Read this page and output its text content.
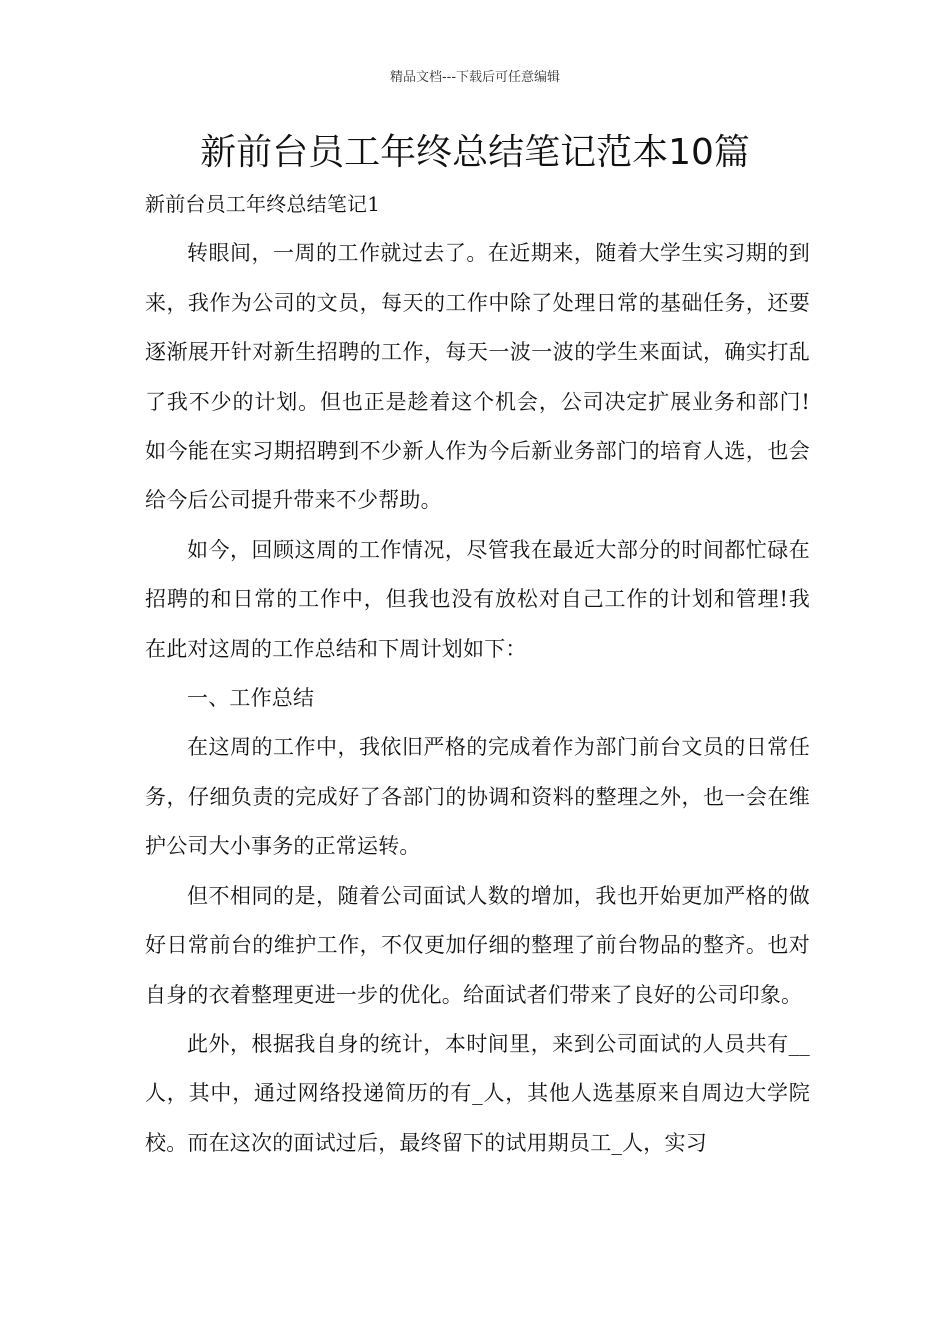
精品文档---下载后可任意编辑
新前台员工年终总结笔记范本10篇

新前台员工年终总结笔记1

转眼间，一周的工作就过去了。在近期来，随着大学生实习期的到来，我作为公司的文员，每天的工作中除了处理日常的基础任务，还要逐渐展开针对新生招聘的工作，每天一波一波的学生来面试，确实打乱了我不少的计划。但也正是趁着这个机会，公司决定扩展业务和部门!如今能在实习期招聘到不少新人作为今后新业务部门的培育人选，也会给今后公司提升带来不少帮助。

如今，回顾这周的工作情况，尽管我在最近大部分的时间都忙碌在招聘的和日常的工作中，但我也没有放松对自己工作的计划和管理!我在此对这周的工作总结和下周计划如下：

一、工作总结

在这周的工作中，我依旧严格的完成着作为部门前台文员的日常任务，仔细负责的完成好了各部门的协调和资料的整理之外，也一会在维护公司大小事务的正常运转。

但不相同的是，随着公司面试人数的增加，我也开始更加严格的做好日常前台的维护工作，不仅更加仔细的整理了前台物品的整齐。也对自身的衣着整理更进一步的优化。给面试者们带来了良好的公司印象。

此外，根据我自身的统计，本时间里，来到公司面试的人员共有__人，其中，通过网络投递简历的有_人，其他人选基原来自周边大学院校。而在这次的面试过后，最终留下的试用期员工_人，实习
